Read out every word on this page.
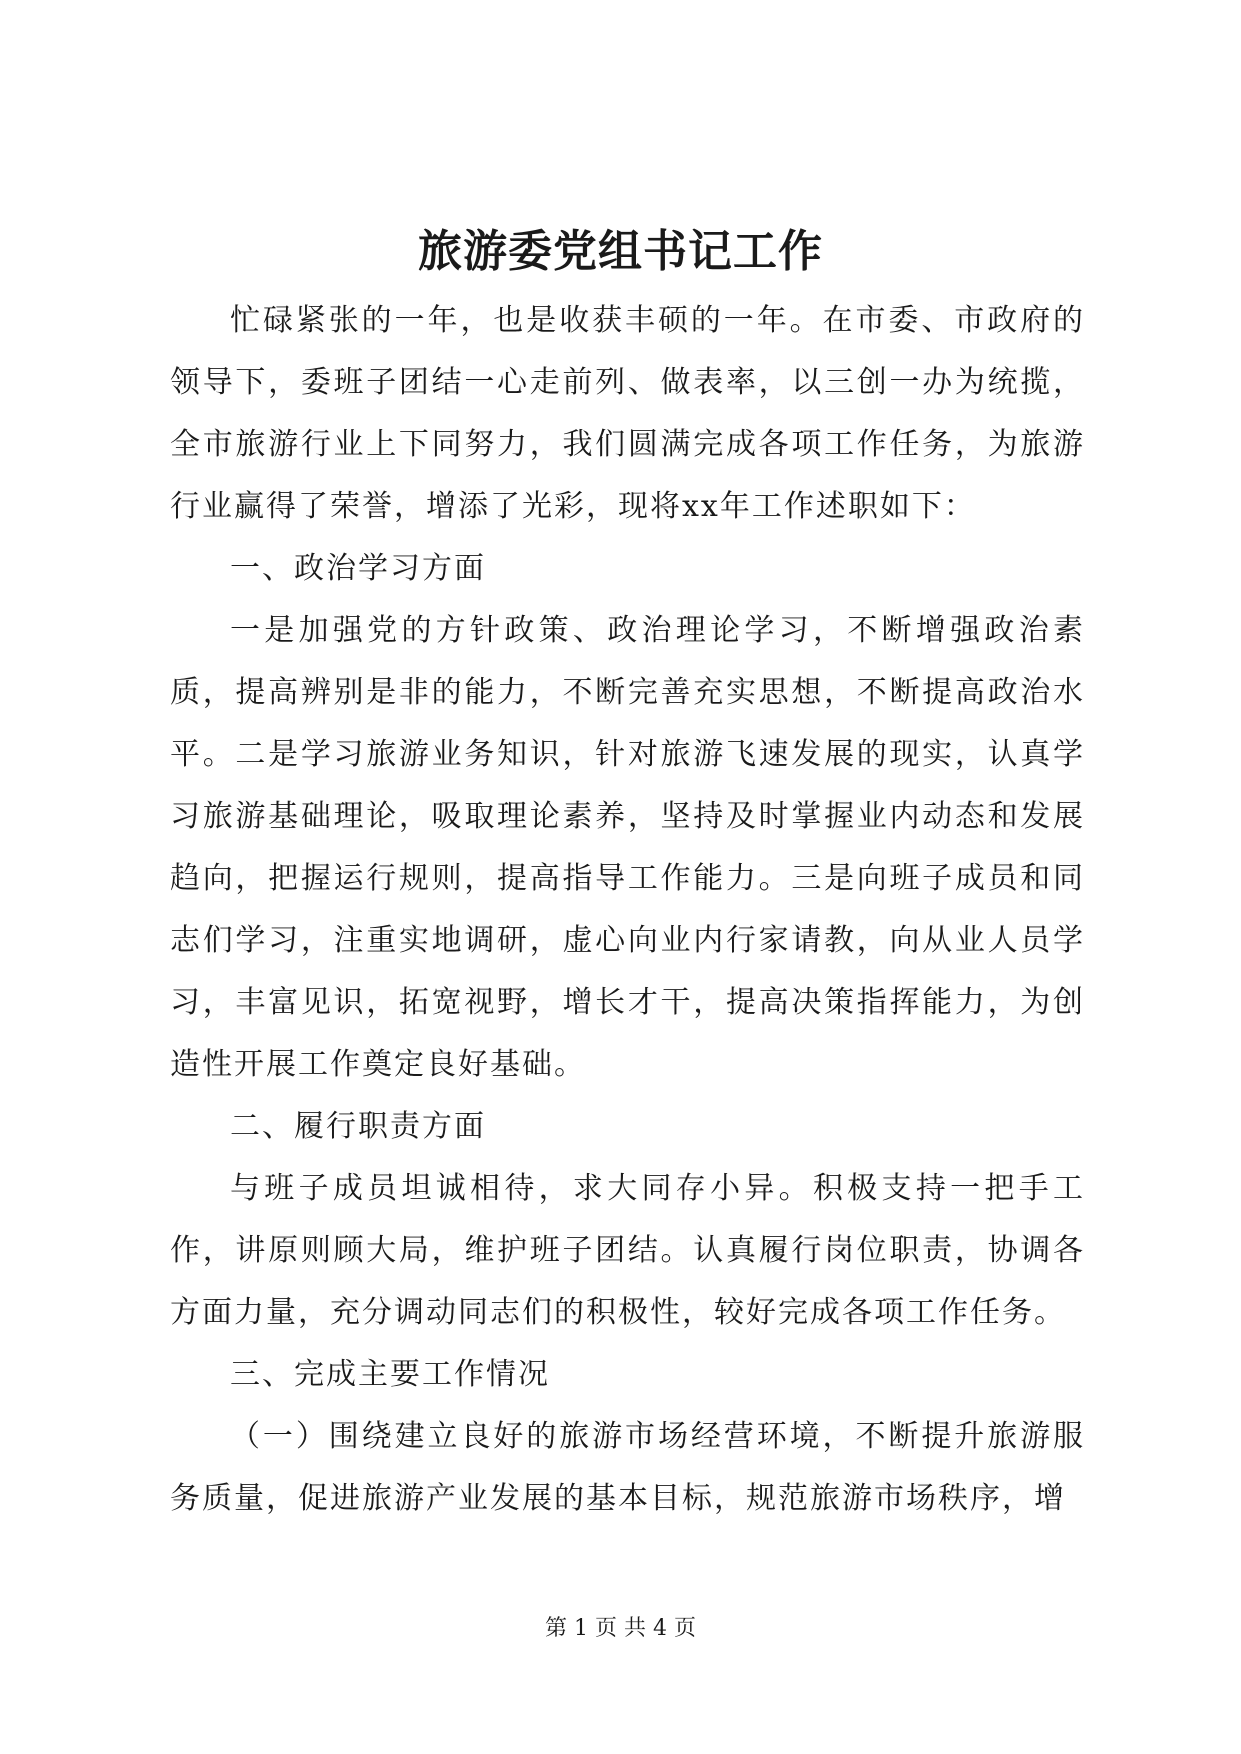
旅游委党组书记工作

忙碌紧张的一年，也是收获丰硕的一年。在市委、市政府的领导下，委班子团结一心走前列、做表率，以三创一办为统揽，全市旅游行业上下同努力，我们圆满完成各项工作任务，为旅游行业赢得了荣誉，增添了光彩，现将xx年工作述职如下：

一、政治学习方面

一是加强党的方针政策、政治理论学习，不断增强政治素质，提高辨别是非的能力，不断完善充实思想，不断提高政治水平。二是学习旅游业务知识，针对旅游飞速发展的现实，认真学习旅游基础理论，吸取理论素养，坚持及时掌握业内动态和发展趋向，把握运行规则，提高指导工作能力。三是向班子成员和同志们学习，注重实地调研，虚心向业内行家请教，向从业人员学习，丰富见识，拓宽视野，增长才干，提高决策指挥能力，为创造性开展工作奠定良好基础。

二、履行职责方面

与班子成员坦诚相待，求大同存小异。积极支持一把手工作，讲原则顾大局，维护班子团结。认真履行岗位职责，协调各方面力量，充分调动同志们的积极性，较好完成各项工作任务。

三、完成主要工作情况

（一）围绕建立良好的旅游市场经营环境，不断提升旅游服务质量，促进旅游产业发展的基本目标，规范旅游市场秩序，增

第 1 页 共 4 页
